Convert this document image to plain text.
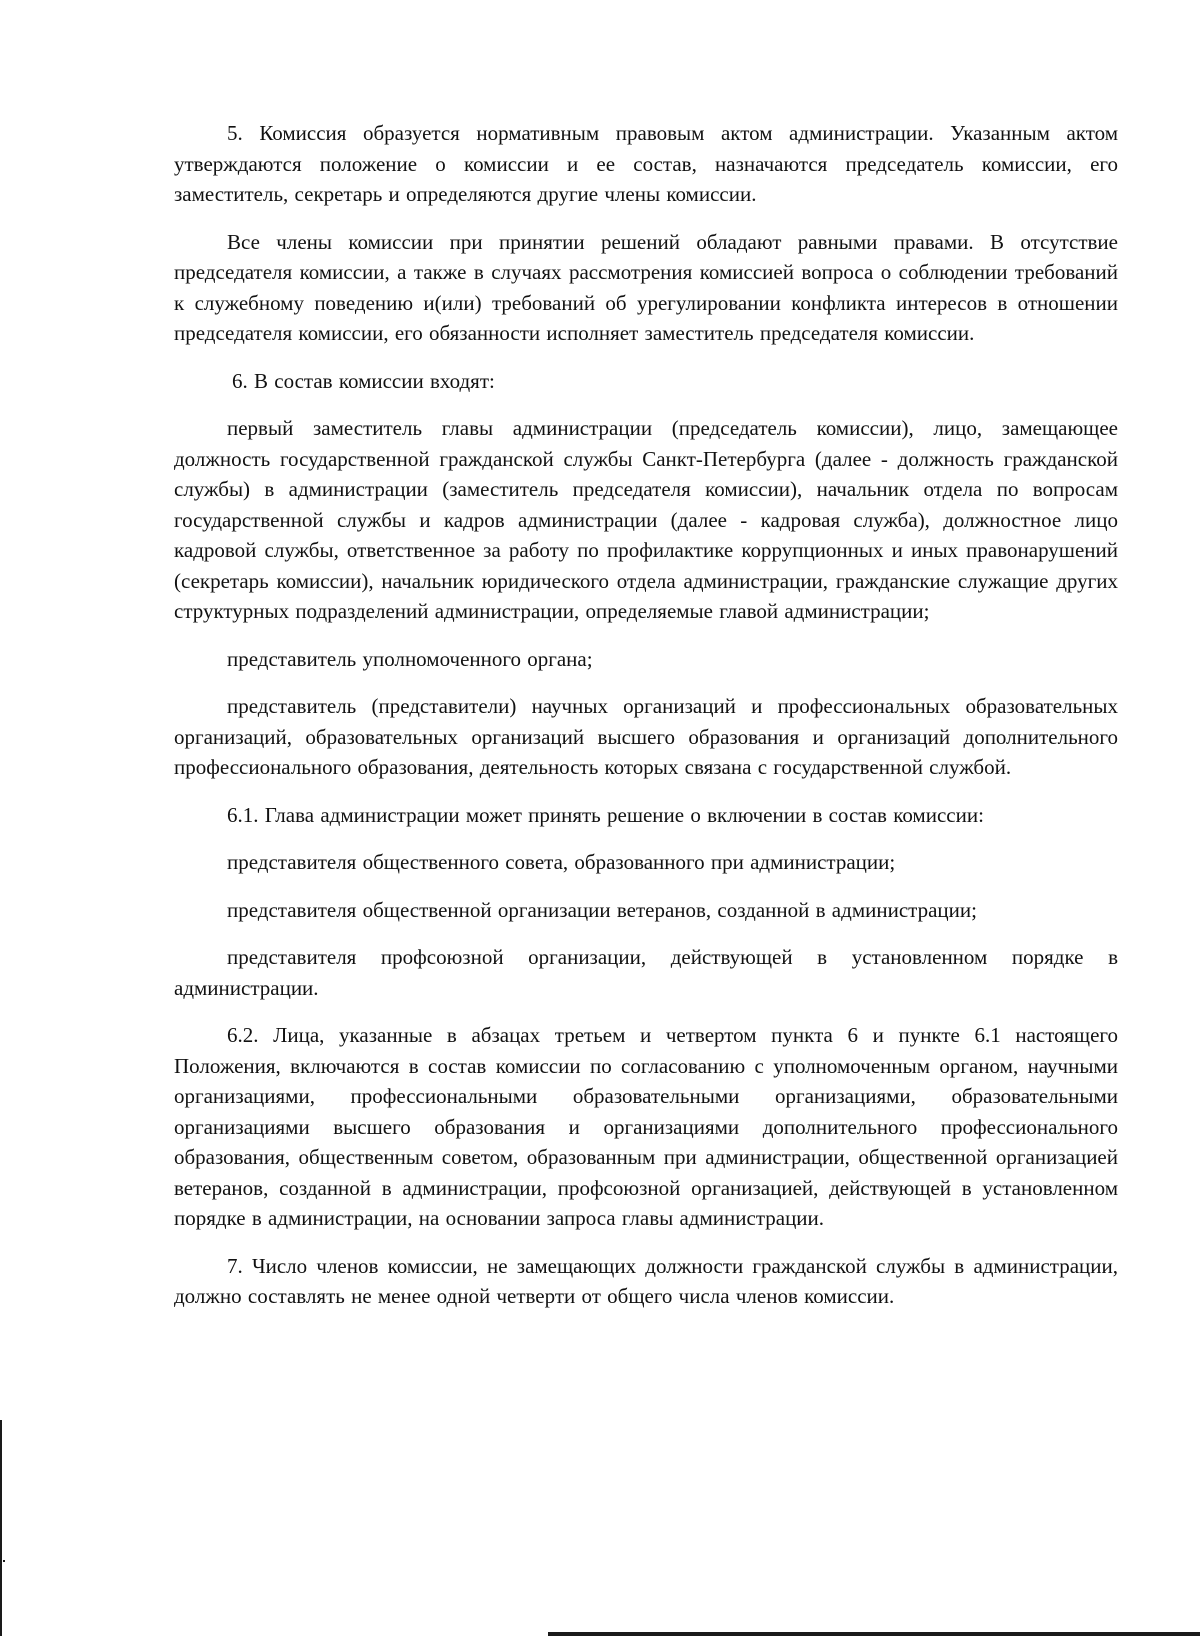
5. Комиссия образуется нормативным правовым актом администрации. Указанным актом утверждаются положение о комиссии и ее состав, назначаются председатель комиссии, его заместитель, секретарь и определяются другие члены комиссии.

Все члены комиссии при принятии решений обладают равными правами. В отсутствие председателя комиссии, а также в случаях рассмотрения комиссией вопроса о соблюдении требований к служебному поведению и(или) требований об урегулировании конфликта интересов в отношении председателя комиссии, его обязанности исполняет заместитель председателя комиссии.

6. В состав комиссии входят:

первый заместитель главы администрации (председатель комиссии), лицо, замещающее должность государственной гражданской службы Санкт-Петербурга (далее - должность гражданской службы) в администрации (заместитель председателя комиссии), начальник отдела по вопросам государственной службы и кадров администрации (далее - кадровая служба), должностное лицо кадровой службы, ответственное за работу по профилактике коррупционных и иных правонарушений (секретарь комиссии), начальник юридического отдела администрации, гражданские служащие других структурных подразделений администрации, определяемые главой администрации;

представитель уполномоченного органа;

представитель (представители) научных организаций и профессиональных образовательных организаций, образовательных организаций высшего образования и организаций дополнительного профессионального образования, деятельность которых связана с государственной службой.

6.1. Глава администрации может принять решение о включении в состав комиссии:

представителя общественного совета, образованного при администрации;

представителя общественной организации ветеранов, созданной в администрации;

представителя профсоюзной организации, действующей в установленном порядке в администрации.

6.2. Лица, указанные в абзацах третьем и четвертом пункта 6 и пункте 6.1 настоящего Положения, включаются в состав комиссии по согласованию с уполномоченным органом, научными организациями, профессиональными образовательными организациями, образовательными организациями высшего образования и организациями дополнительного профессионального образования, общественным советом, образованным при администрации, общественной организацией ветеранов, созданной в администрации, профсоюзной организацией, действующей в установленном порядке в администрации, на основании запроса главы администрации.

7. Число членов комиссии, не замещающих должности гражданской службы в администрации, должно составлять не менее одной четверти от общего числа членов комиссии.
